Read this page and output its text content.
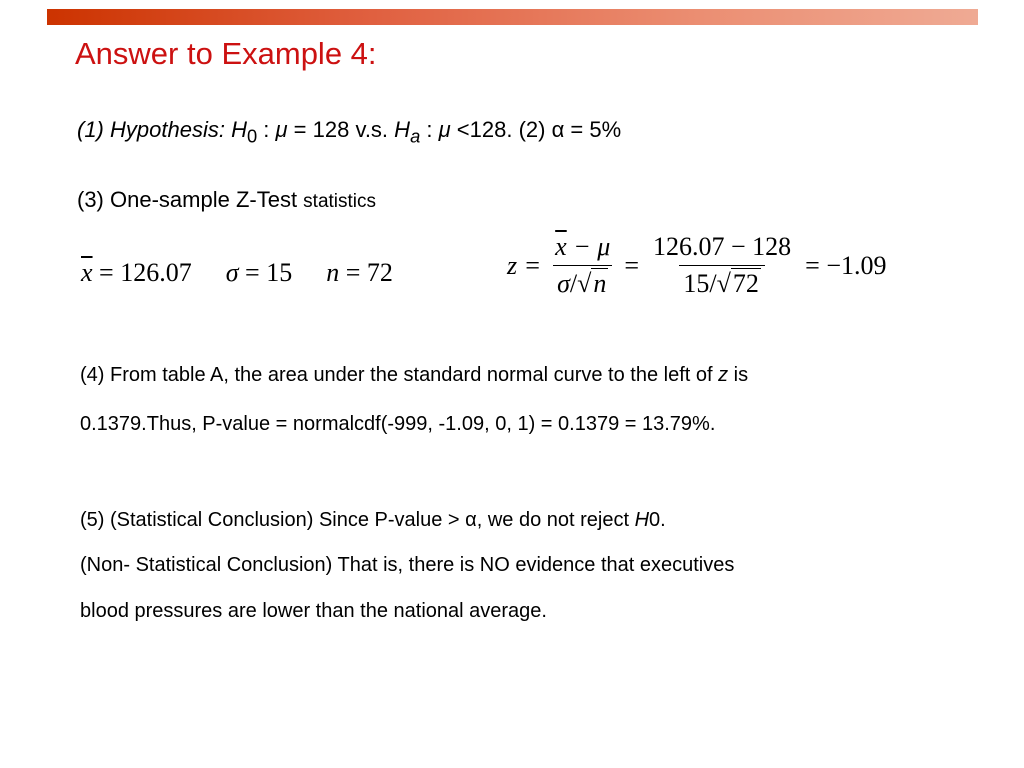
Answer to Example 4:
(1) Hypothesis: $H_0$ : μ = 128 v.s. $H_a$ : μ <128. (2) α = 5%
(3) One-sample Z-Test statistics
$\overline{x} = 126.07$ σ = 15 n = 72	$z = \frac{\overline{x} - \mu}{\sigma/√n} = \frac{126.07 - 128}{15/√72} = -1.09$
(4) From table A, the area under the standard normal curve to the left of z is
0.1379.Thus, P-value = normalcdf(-999, -1.09, 0, 1) = 0.1379 = 13.79%.
(5) (Statistical Conclusion) Since P-value > α, we do not reject H0.
(Non- Statistical Conclusion) That is, there is NO evidence that executives
blood pressures are lower than the national average.
